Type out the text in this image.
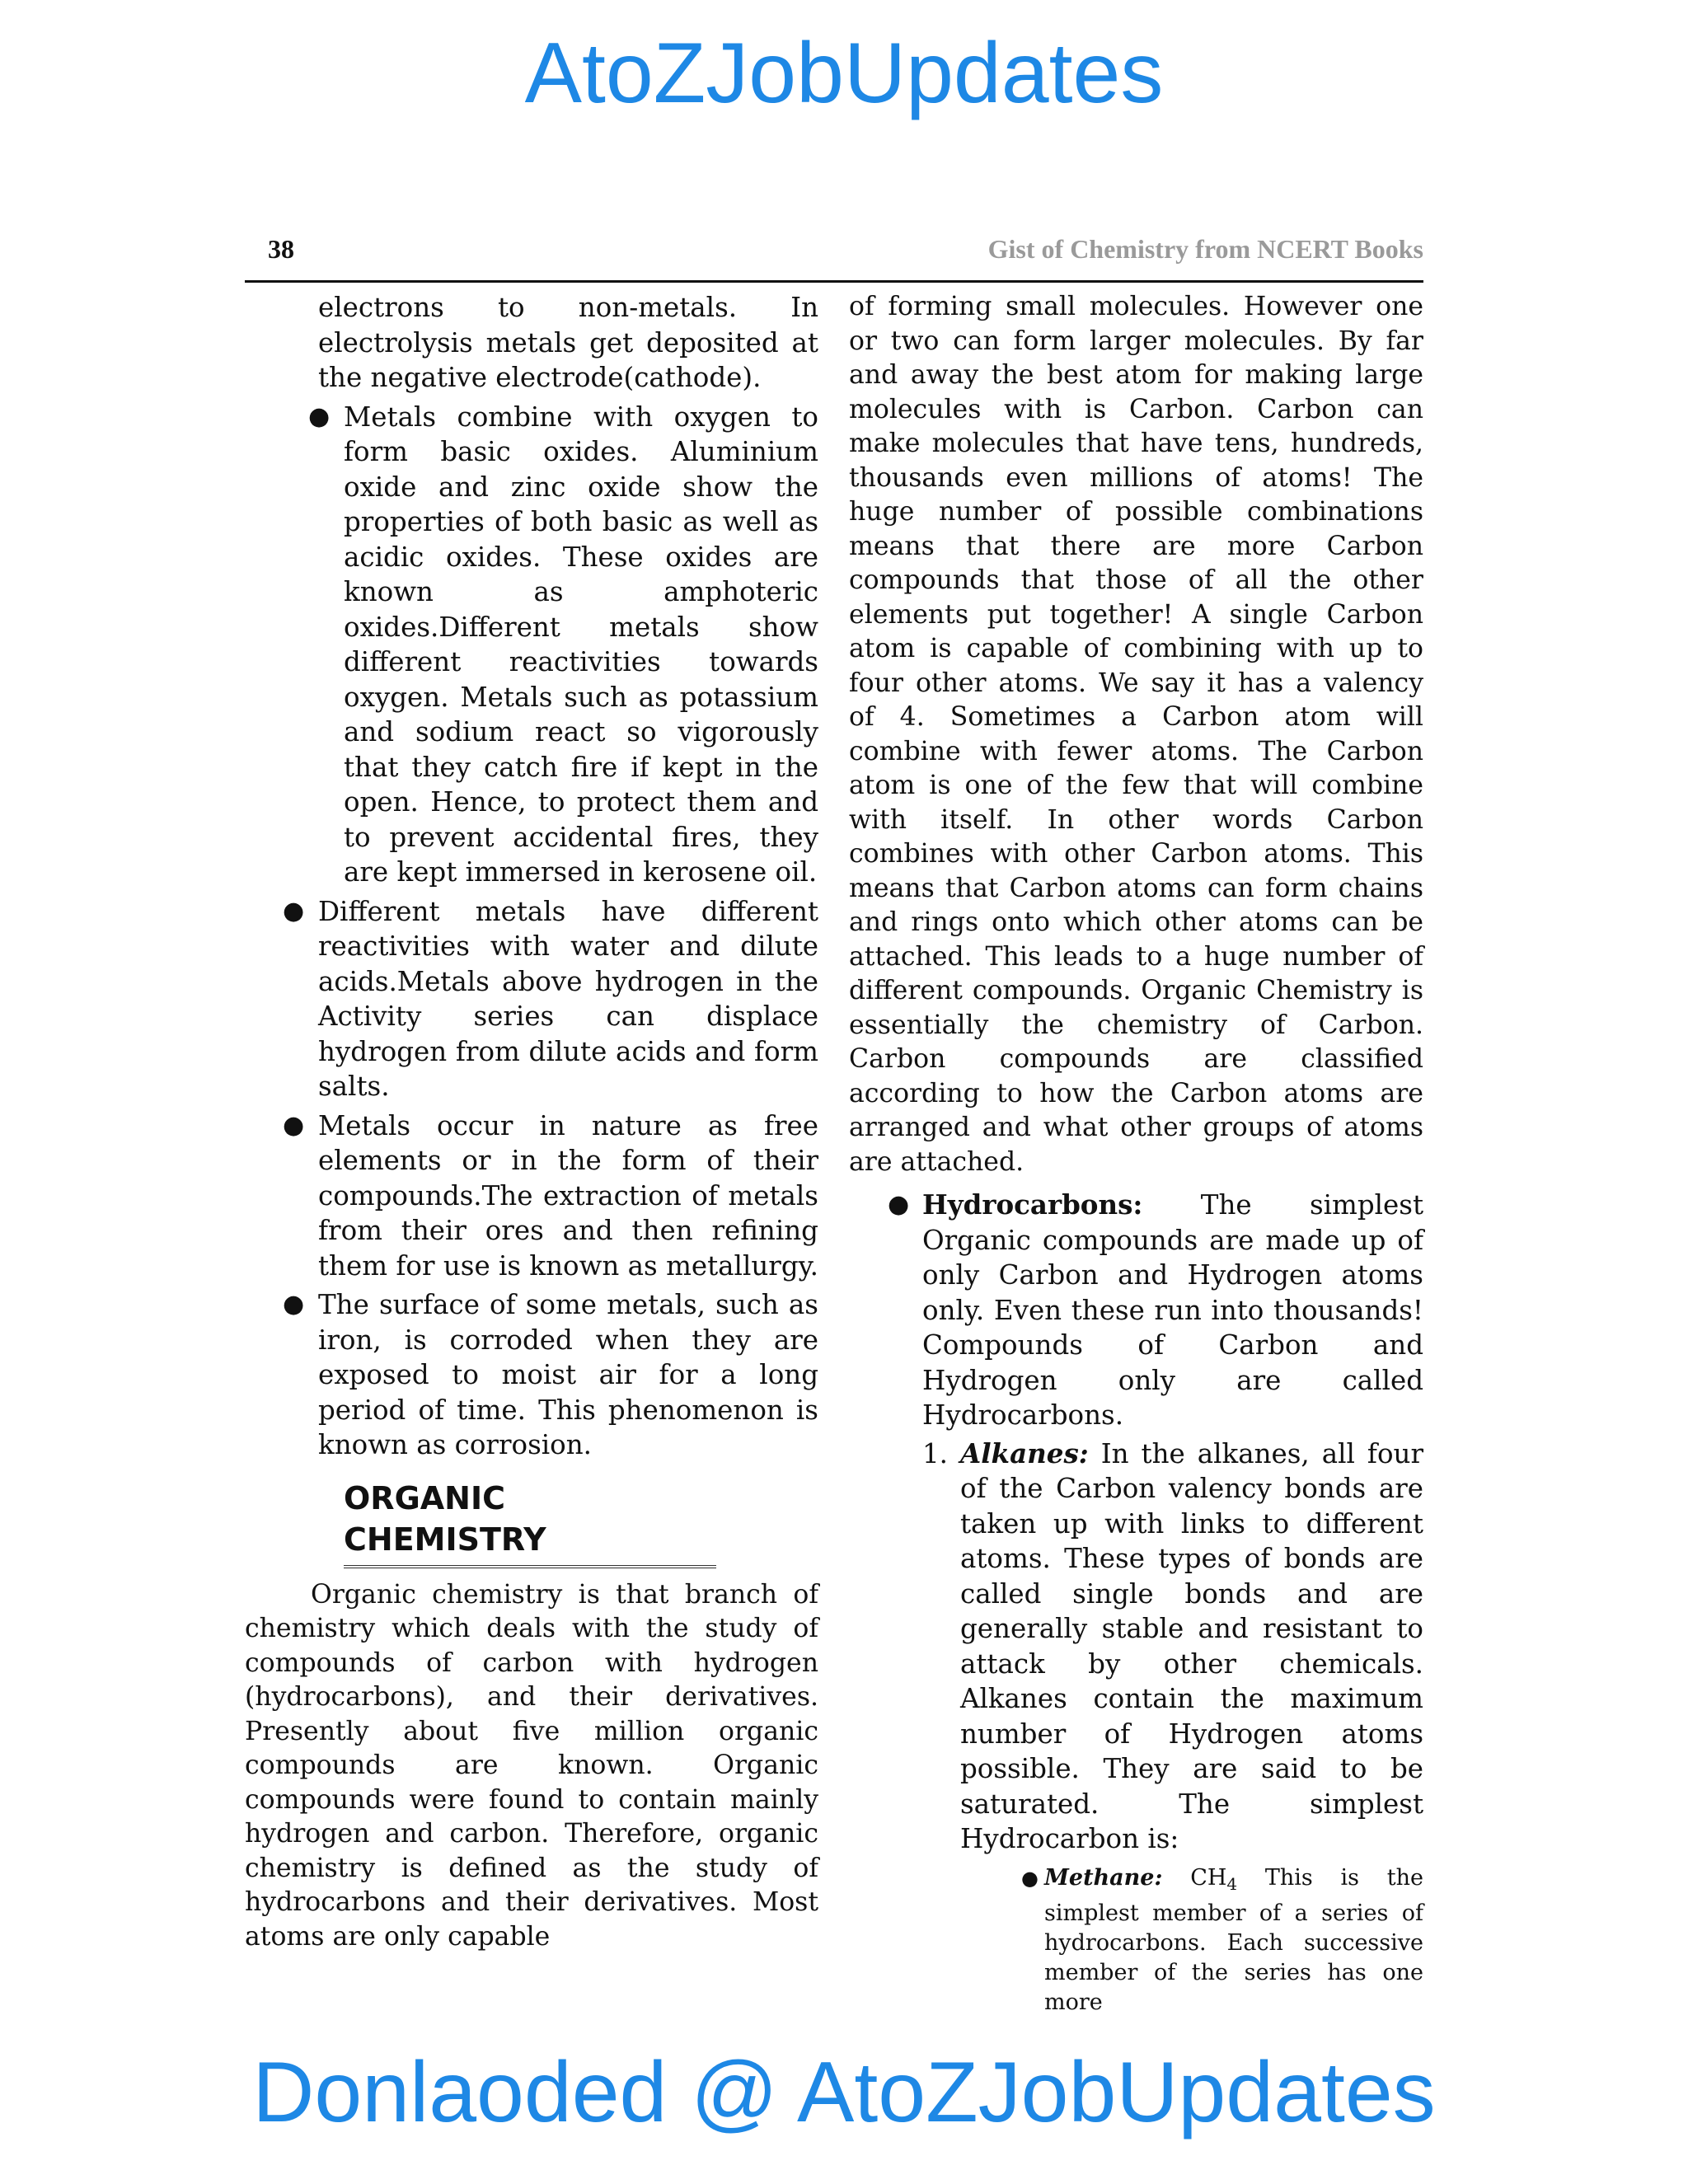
AtoZJobUpdates
38	Gist of Chemistry from NCERT Books
electrons to non-metals. In electrolysis metals get deposited at the negative electrode(cathode).
● Metals combine with oxygen to form basic oxides. Aluminium oxide and zinc oxide show the properties of both basic as well as acidic oxides. These oxides are known as amphoteric oxides.Different metals show different reactivities towards oxygen. Metals such as potassium and sodium react so vigorously that they catch fire if kept in the open. Hence, to protect them and to prevent accidental fires, they are kept immersed in kerosene oil.
● Different metals have different reactivities with water and dilute acids.Metals above hydrogen in the Activity series can displace hydrogen from dilute acids and form salts.
● Metals occur in nature as free elements or in the form of their compounds.The extraction of metals from their ores and then refining them for use is known as metallurgy.
● The surface of some metals, such as iron, is corroded when they are exposed to moist air for a long period of time. This phenomenon is known as corrosion.
ORGANIC CHEMISTRY
Organic chemistry is that branch of chemistry which deals with the study of compounds of carbon with hydrogen (hydrocarbons), and their derivatives. Presently about five million organic compounds are known. Organic compounds were found to contain mainly hydrogen and carbon. Therefore, organic chemistry is defined as the study of hydrocarbons and their derivatives. Most atoms are only capable
of forming small molecules. However one or two can form larger molecules. By far and away the best atom for making large molecules with is Carbon. Carbon can make molecules that have tens, hundreds, thousands even millions of atoms! The huge number of possible combinations means that there are more Carbon compounds that those of all the other elements put together! A single Carbon atom is capable of combining with up to four other atoms. We say it has a valency of 4. Sometimes a Carbon atom will combine with fewer atoms. The Carbon atom is one of the few that will combine with itself. In other words Carbon combines with other Carbon atoms. This means that Carbon atoms can form chains and rings onto which other atoms can be attached. This leads to a huge number of different compounds. Organic Chemistry is essentially the chemistry of Carbon. Carbon compounds are classified according to how the Carbon atoms are arranged and what other groups of atoms are attached.
● Hydrocarbons: The simplest Organic compounds are made up of only Carbon and Hydrogen atoms only. Even these run into thousands! Compounds of Carbon and Hydrogen only are called Hydrocarbons.
1. Alkanes: In the alkanes, all four of the Carbon valency bonds are taken up with links to different atoms. These types of bonds are called single bonds and are generally stable and resistant to attack by other chemicals. Alkanes contain the maximum number of Hydrogen atoms possible. They are said to be saturated. The simplest Hydrocarbon is:
● Methane: $CH_4$ This is the simplest member of a series of hydrocarbons. Each successive member of the series has one more
Donlaoded @ AtoZJobUpdates
